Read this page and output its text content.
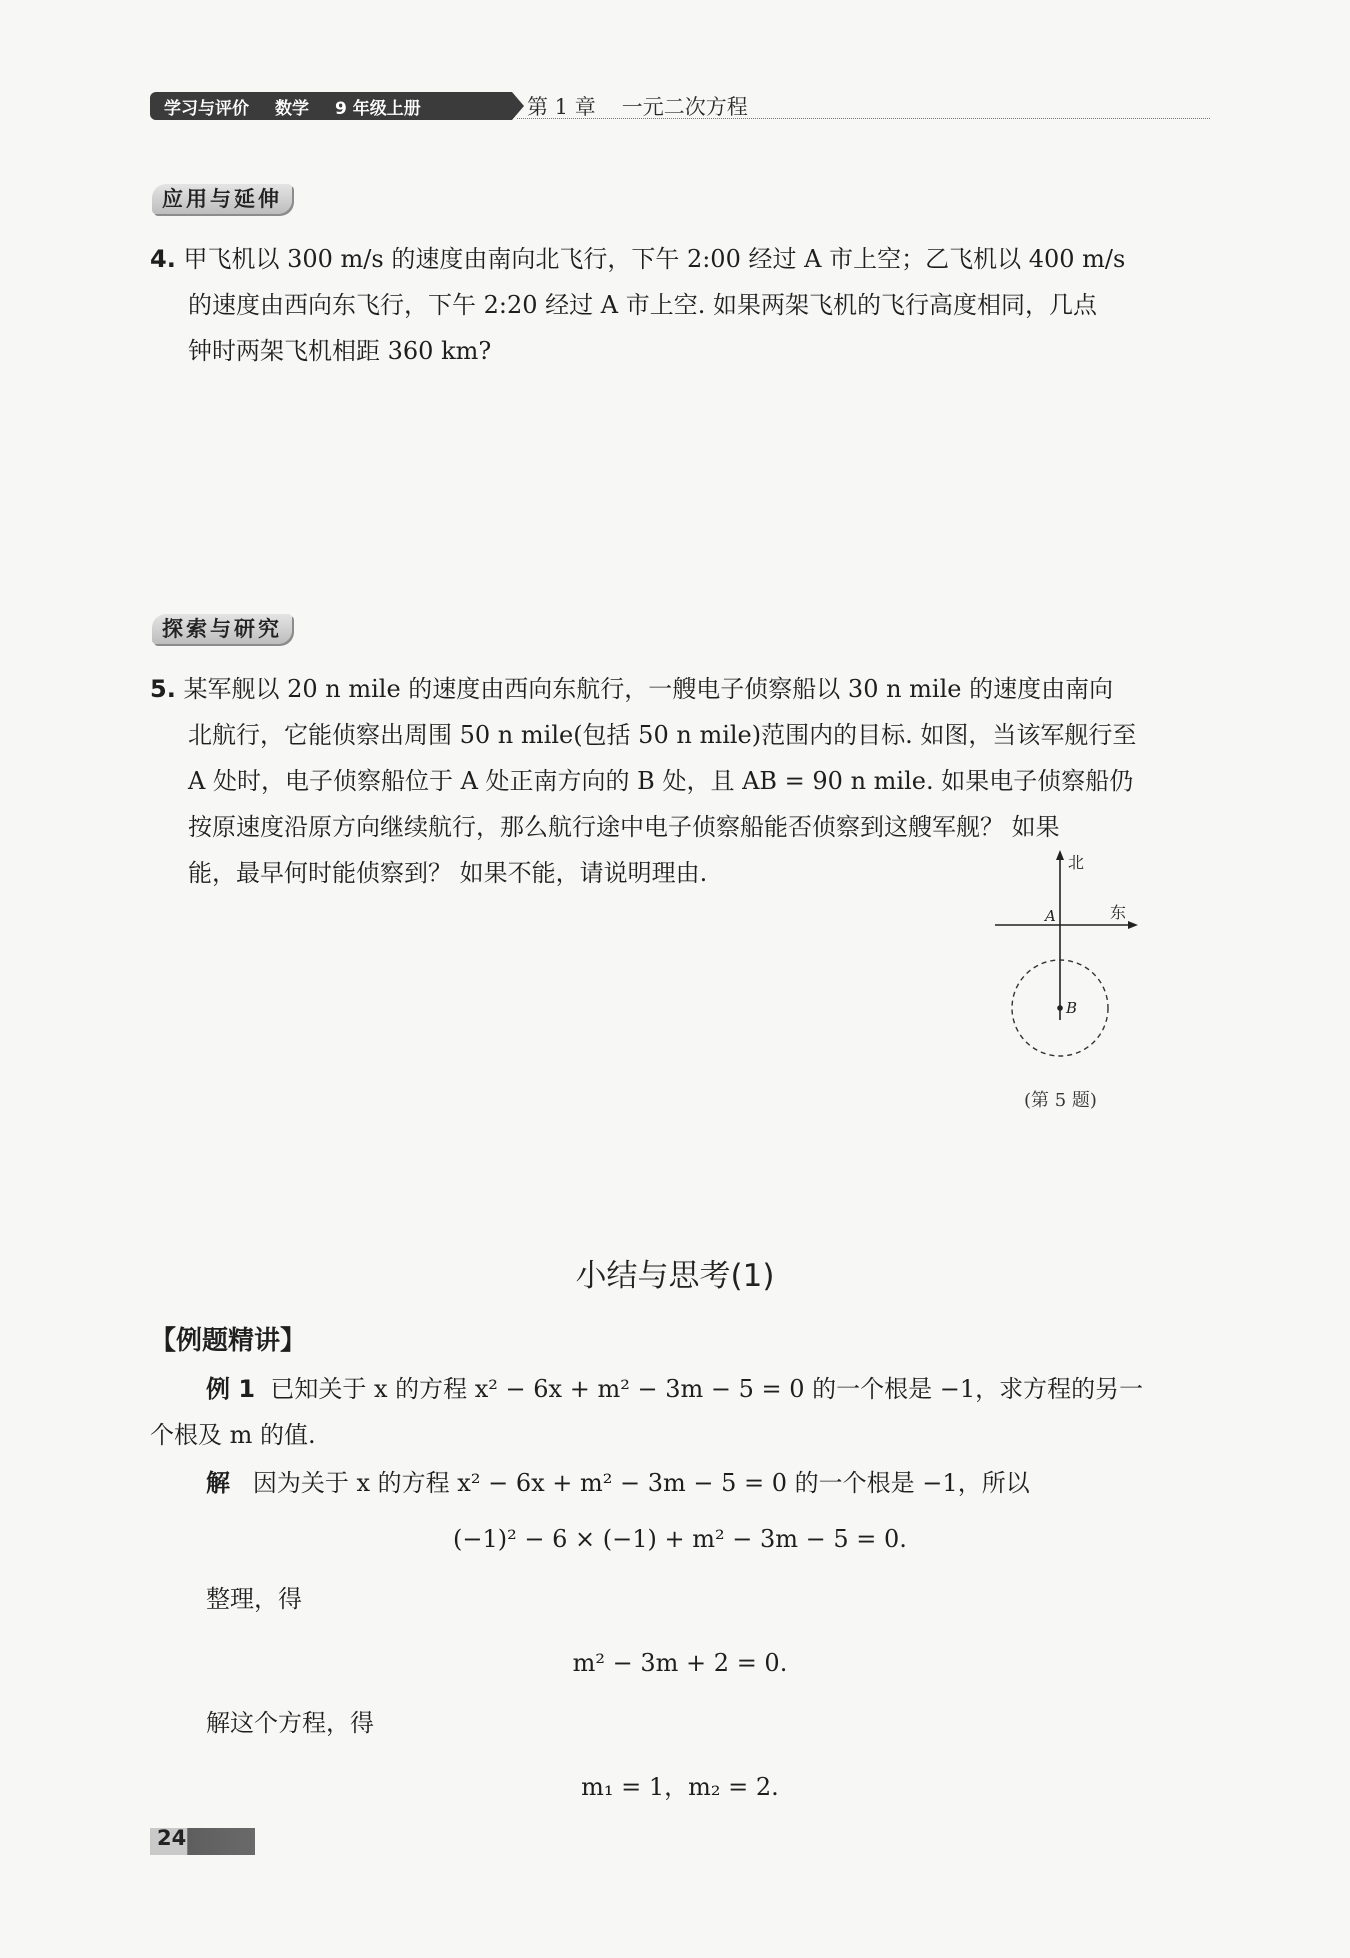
学习与评价 数学 9 年级上册	第 1 章 一元二次方程
应用与延伸
4. 甲飞机以 300 m/s 的速度由南向北飞行，下午 2:00 经过 A 市上空；乙飞机以 400 m/s
的速度由西向东飞行，下午 2:20 经过 A 市上空. 如果两架飞机的飞行高度相同，几点
钟时两架飞机相距 360 km?
探索与研究
5. 某军舰以 20 n mile 的速度由西向东航行，一艘电子侦察船以 30 n mile 的速度由南向
北航行，它能侦察出周围 50 n mile(包括 50 n mile)范围内的目标. 如图，当该军舰行至
A 处时，电子侦察船位于 A 处正南方向的 B 处，且 AB = 90 n mile. 如果电子侦察船仍
按原速度沿原方向继续航行，那么航行途中电子侦察船能否侦察到这艘军舰？ 如果
能，最早何时能侦察到？ 如果不能，请说明理由.	北
东
A
B
(第 5 题)
小结与思考(1)
【例题精讲】
例 1 已知关于 x 的方程 x² − 6x + m² − 3m − 5 = 0 的一个根是 −1，求方程的另一
个根及 m 的值.
解 因为关于 x 的方程 x² − 6x + m² − 3m − 5 = 0 的一个根是 −1，所以
(−1)² − 6 × (−1) + m² − 3m − 5 = 0.
整理，得
m² − 3m + 2 = 0.
解这个方程，得
m₁ = 1，m₂ = 2.
24
